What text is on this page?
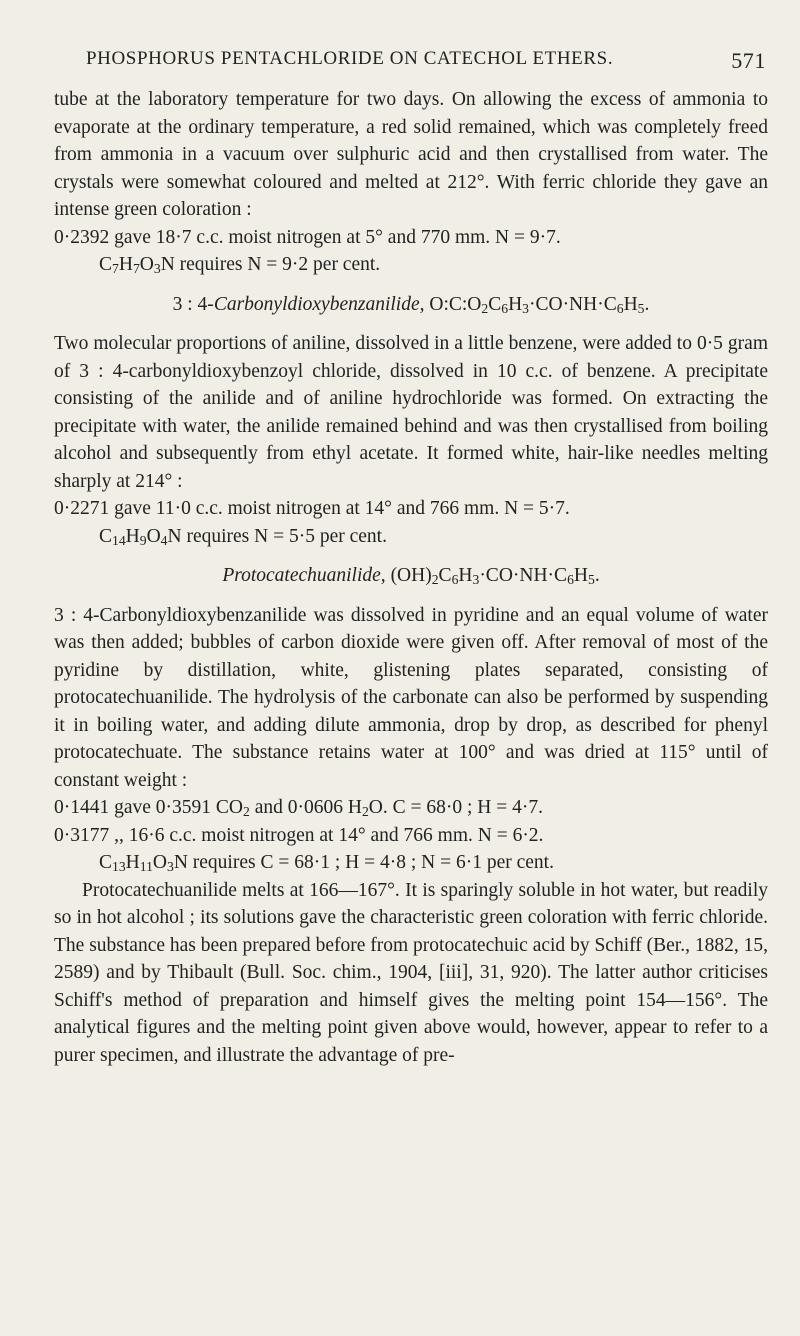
PHOSPHORUS PENTACHLORIDE ON CATECHOL ETHERS.	571

tube at the laboratory temperature for two days. On allowing the excess of ammonia to evaporate at the ordinary temperature, a red solid remained, which was completely freed from ammonia in a vacuum over sulphuric acid and then crystallised from water. The crystals were somewhat coloured and melted at 212°. With ferric chloride they gave an intense green coloration :

0·2392 gave 18·7 c.c. moist nitrogen at 5° and 770 mm. N = 9·7.

$C_7H_7O_3N$ requires N = 9·2 per cent.

3 : 4-Carbonyldioxybenzanilide, $O:C:O_2C_6H_3\cdot CO\cdot NH\cdot C_6H_5$.

Two molecular proportions of aniline, dissolved in a little benzene, were added to 0·5 gram of 3 : 4-carbonyldioxybenzoyl chloride, dissolved in 10 c.c. of benzene. A precipitate consisting of the anilide and of aniline hydrochloride was formed. On extracting the precipitate with water, the anilide remained behind and was then crystallised from boiling alcohol and subsequently from ethyl acetate. It formed white, hair-like needles melting sharply at 214° :

0·2271 gave 11·0 c.c. moist nitrogen at 14° and 766 mm. N = 5·7.

$C_{14}H_9O_4N$ requires N = 5·5 per cent.

Protocatechuanilide, $(OH)_2C_6H_3\cdot CO\cdot NH\cdot C_6H_5$.

3 : 4-Carbonyldioxybenzanilide was dissolved in pyridine and an equal volume of water was then added; bubbles of carbon dioxide were given off. After removal of most of the pyridine by distillation, white, glistening plates separated, consisting of protocatechuanilide. The hydrolysis of the carbonate can also be performed by suspending it in boiling water, and adding dilute ammonia, drop by drop, as described for phenyl protocatechuate. The substance retains water at 100° and was dried at 115° until of constant weight :

0·1441 gave 0·3591 $CO_2$ and 0·0606 $H_2O$. C = 68·0 ; H = 4·7.

0·3177 ,, 16·6 c.c. moist nitrogen at 14° and 766 mm. N = 6·2.

$C_{13}H_{11}O_3N$ requires C = 68·1 ; H = 4·8 ; N = 6·1 per cent.

Protocatechuanilide melts at 166—167°. It is sparingly soluble in hot water, but readily so in hot alcohol ; its solutions gave the characteristic green coloration with ferric chloride. The substance has been prepared before from protocatechuic acid by Schiff (Ber., 1882, 15, 2589) and by Thibault (Bull. Soc. chim., 1904, [iii], 31, 920). The latter author criticises Schiff's method of preparation and himself gives the melting point 154—156°. The analytical figures and the melting point given above would, however, appear to refer to a purer specimen, and illustrate the advantage of pre-
